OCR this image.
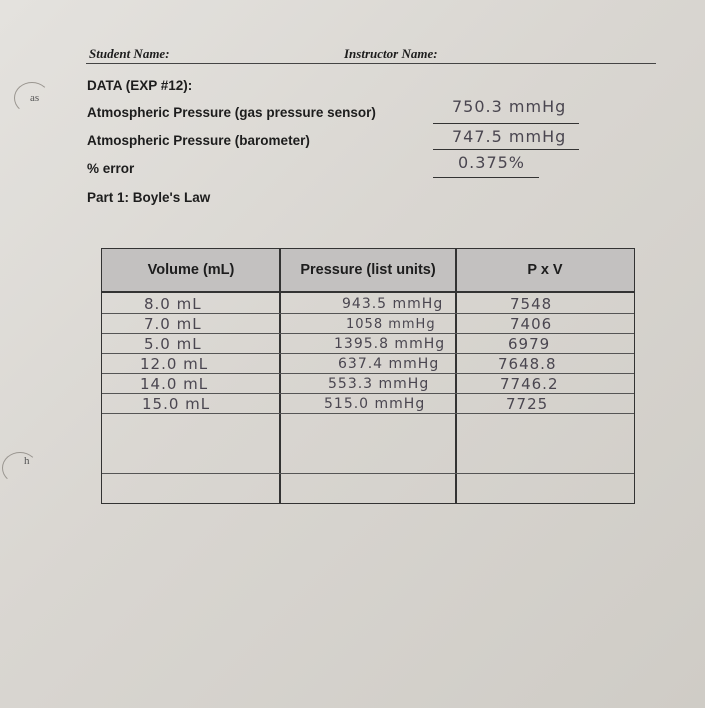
as
h
Student Name:	Instructor Name:
DATA (EXP #12):
Atmospheric Pressure (gas pressure sensor)	750.3 mmHg
Atmospheric Pressure (barometer)	747.5 mmHg
% error	0.375%
Part 1: Boyle's Law
Volume (mL)	Pressure (list units)	P x V
8.0 mL	943.5 mmHg	7548
7.0 mL	1058 mmHg	7406
5.0 mL	1395.8 mmHg	6979
12.0 mL	637.4 mmHg	7648.8
14.0 mL	553.3 mmHg	7746.2
15.0 mL	515.0 mmHg	7725
